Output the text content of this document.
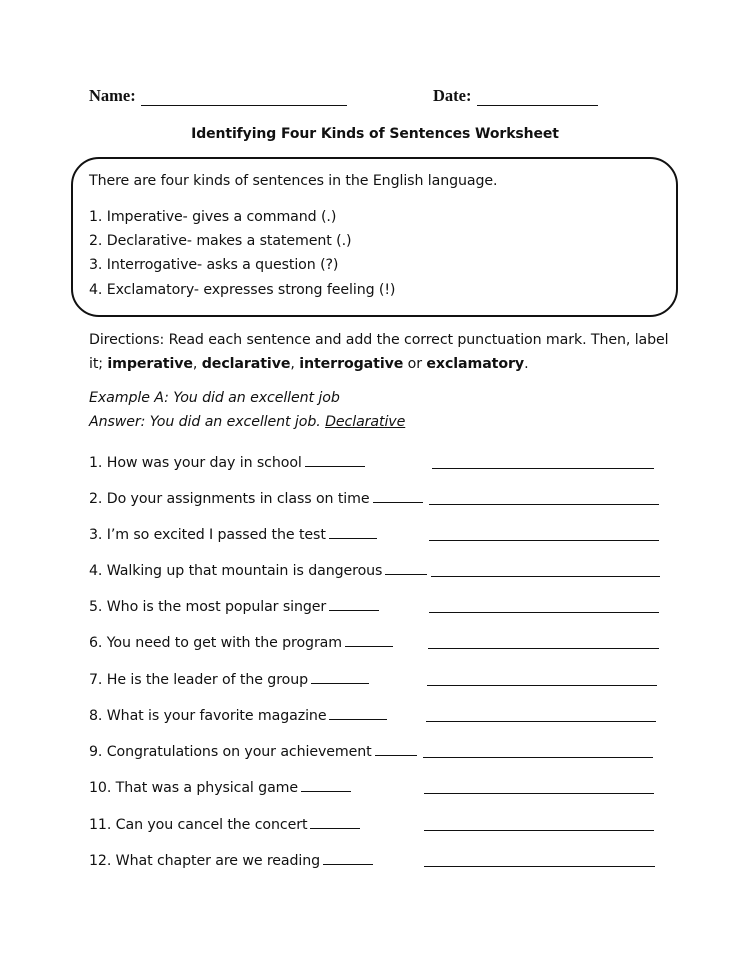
Name:	Date:
Identifying Four Kinds of Sentences Worksheet
There are four kinds of sentences in the English language.
1. Imperative- gives a command (.)
2. Declarative- makes a statement (.)
3. Interrogative- asks a question (?)
4. Exclamatory- expresses strong feeling (!)
Directions: Read each sentence and add the correct punctuation mark. Then, label it; imperative, declarative, interrogative or exclamatory.
Example A: You did an excellent job
Answer: You did an excellent job. Declarative
1. How was your day in school
2. Do your assignments in class on time
3. I’m so excited I passed the test
4. Walking up that mountain is dangerous
5. Who is the most popular singer
6. You need to get with the program
7. He is the leader of the group
8. What is your favorite magazine
9. Congratulations on your achievement
10. That was a physical game
11. Can you cancel the concert
12. What chapter are we reading
